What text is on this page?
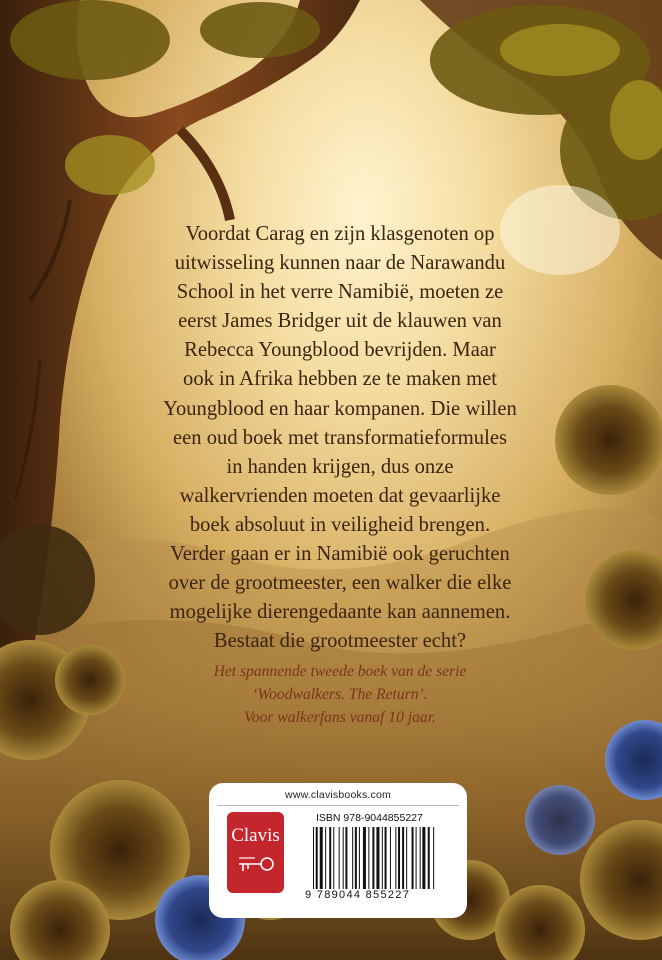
Voordat Carag en zijn klasgenoten op
uitwisseling kunnen naar de Narawandu
School in het verre Namibië, moeten ze
eerst James Bridger uit de klauwen van
Rebecca Youngblood bevrijden. Maar
ook in Afrika hebben ze te maken met
Youngblood en haar kompanen. Die willen
een oud boek met transformatieformules
in handen krijgen, dus onze
walkervrienden moeten dat gevaarlijke
boek absoluut in veiligheid brengen.
Verder gaan er in Namibië ook geruchten
over de grootmeester, een walker die elke
mogelijke dierengedaante kan aannemen.
Bestaat die grootmeester echt?
Het spannende tweede boek van de serie
‘Woodwalkers. The Return’.
Voor walkerfans vanaf 10 jaar.
www.clavisbooks.com
Clavis
ISBN 978-9044855227
9 789044 855227
